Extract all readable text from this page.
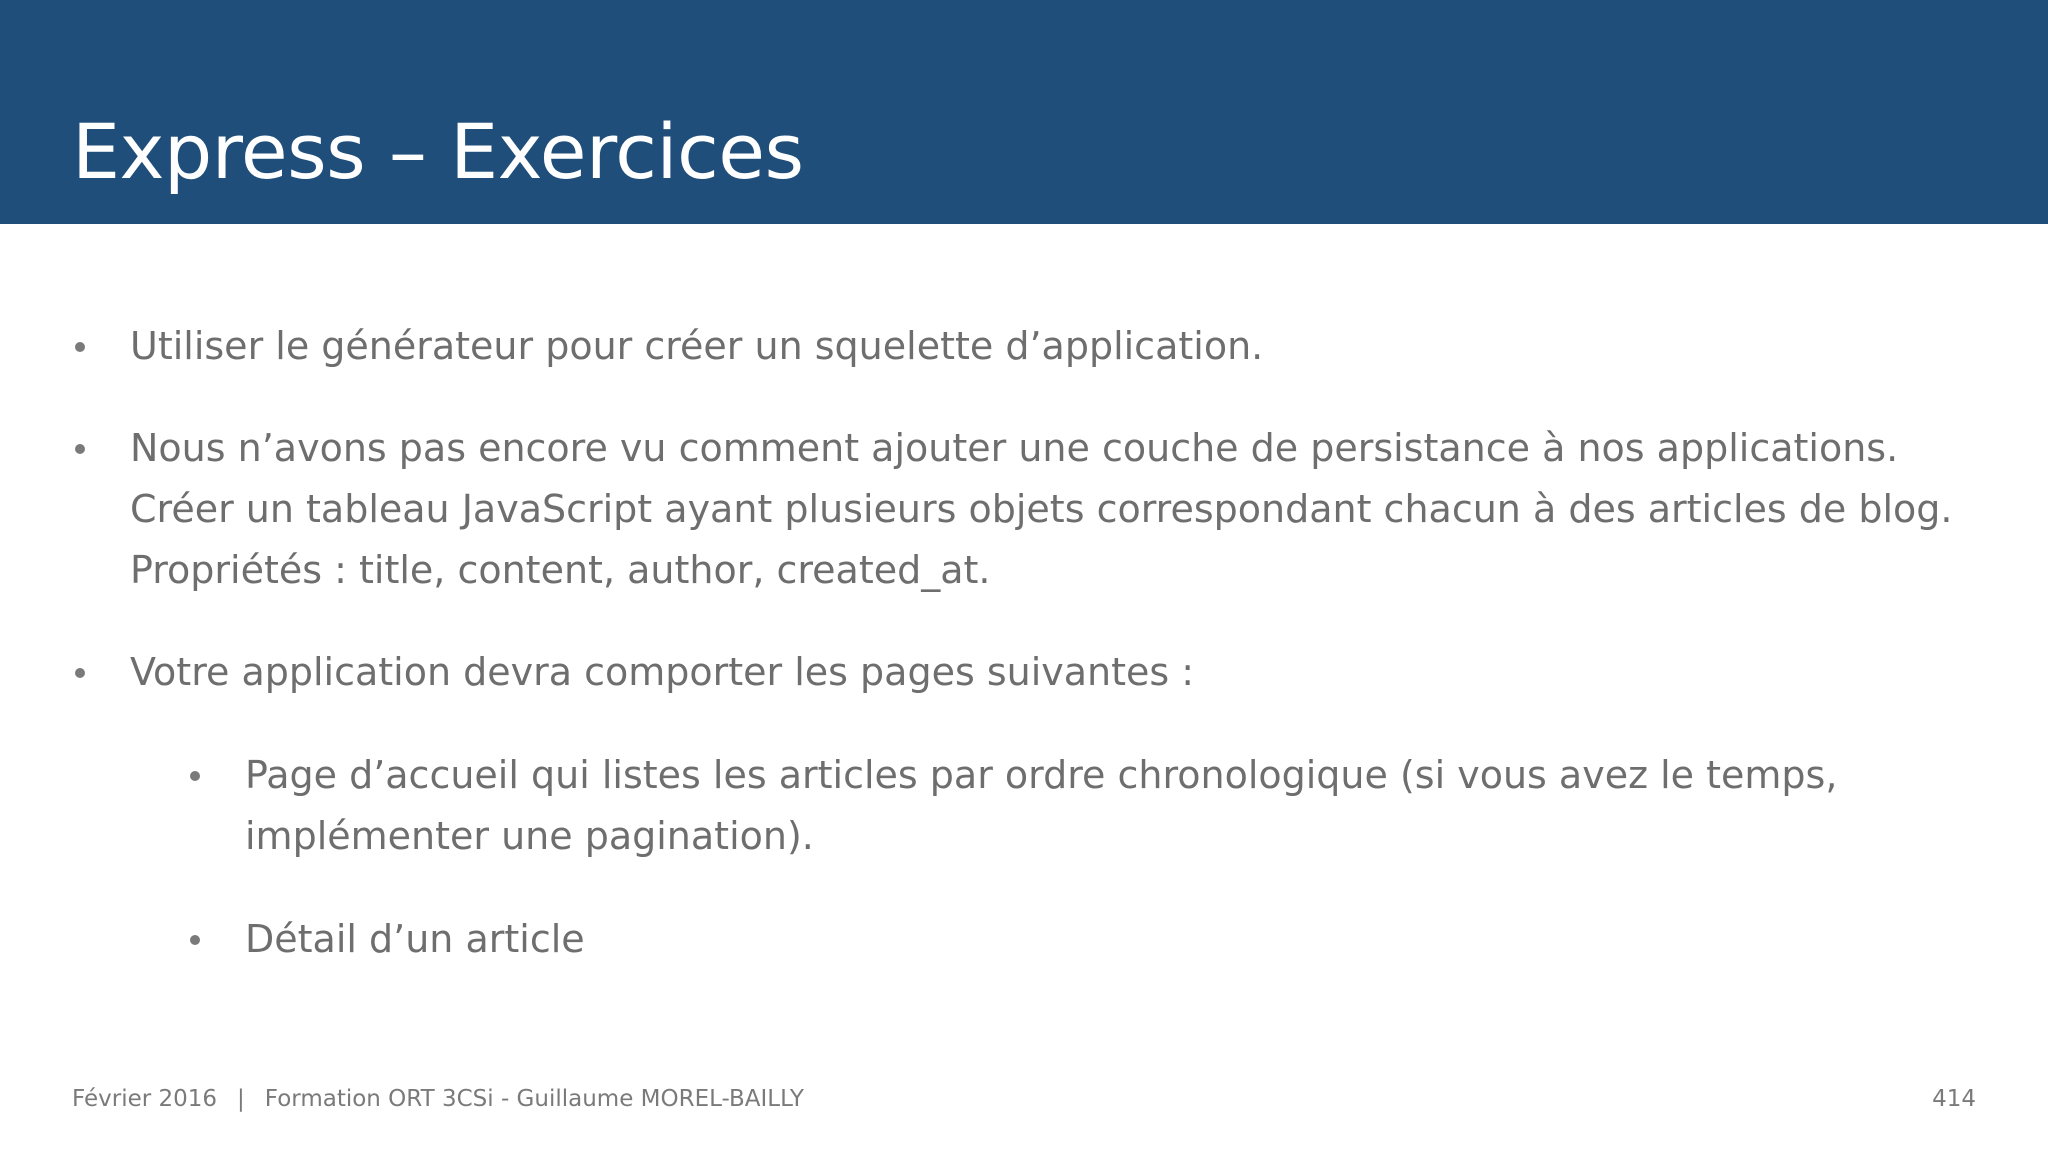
Express – Exercices
Utiliser le générateur pour créer un squelette d’application.
Nous n’avons pas encore vu comment ajouter une couche de persistance à nos applications. Créer un tableau JavaScript ayant plusieurs objets correspondant chacun à des articles de blog. Propriétés : title, content, author, created_at.
Votre application devra comporter les pages suivantes :
Page d’accueil qui listes les articles par ordre chronologique (si vous avez le temps, implémenter une pagination).
Détail d’un article
Février 2016 | Formation ORT 3CSi - Guillaume MOREL-BAILLY	414
